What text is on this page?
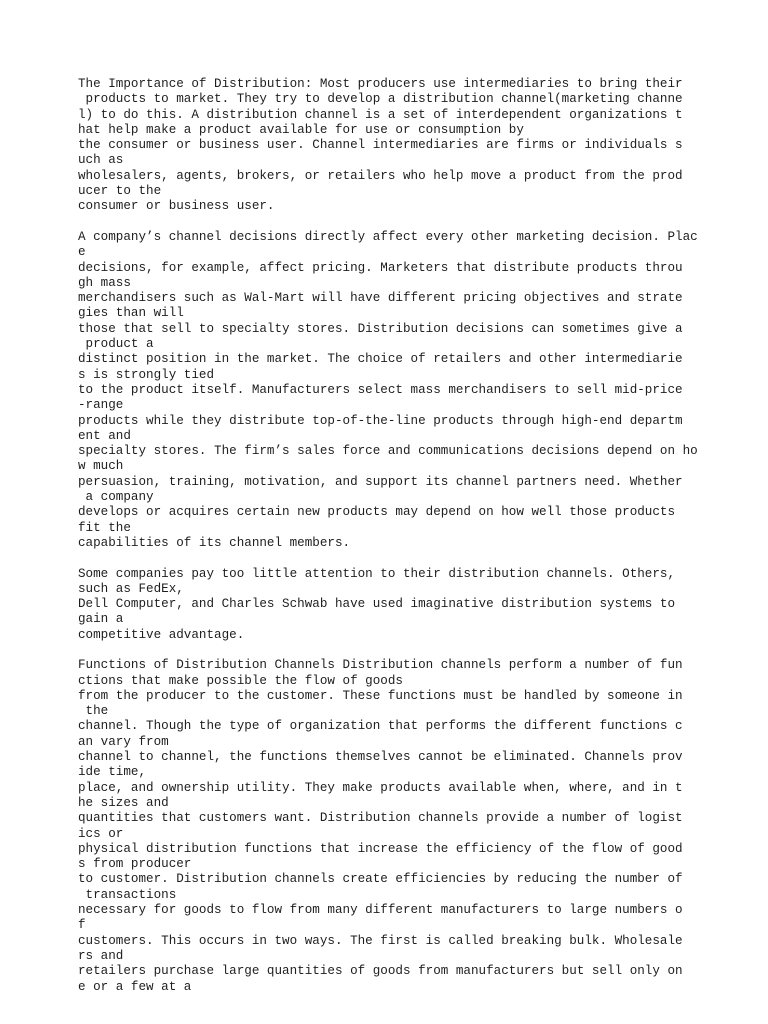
The Importance of Distribution: Most producers use intermediaries to bring their
products to market. They try to develop a distribution channel(marketing channe
l) to do this. A distribution channel is a set of interdependent organizations t
hat help make a product available for use or consumption by
the consumer or business user. Channel intermediaries are firms or individuals s
uch as
wholesalers, agents, brokers, or retailers who help move a product from the prod
ucer to the
consumer or business user.
A company’s channel decisions directly affect every other marketing decision. Plac
e
decisions, for example, affect pricing. Marketers that distribute products throu
gh mass
merchandisers such as Wal-Mart will have different pricing objectives and strate
gies than will
those that sell to specialty stores. Distribution decisions can sometimes give a
product a
distinct position in the market. The choice of retailers and other intermediarie
s is strongly tied
to the product itself. Manufacturers select mass merchandisers to sell mid-price
-range
products while they distribute top-of-the-line products through high-end departm
ent and
specialty stores. The firm’s sales force and communications decisions depend on ho
w much
persuasion, training, motivation, and support its channel partners need. Whether
a company
develops or acquires certain new products may depend on how well those products
fit the
capabilities of its channel members.
Some companies pay too little attention to their distribution channels. Others,
such as FedEx,
Dell Computer, and Charles Schwab have used imaginative distribution systems to
gain a
competitive advantage.
Functions of Distribution Channels Distribution channels perform a number of fun
ctions that make possible the flow of goods
from the producer to the customer. These functions must be handled by someone in
the
channel. Though the type of organization that performs the different functions c
an vary from
channel to channel, the functions themselves cannot be eliminated. Channels prov
ide time,
place, and ownership utility. They make products available when, where, and in t
he sizes and
quantities that customers want. Distribution channels provide a number of logist
ics or
physical distribution functions that increase the efficiency of the flow of good
s from producer
to customer. Distribution channels create efficiencies by reducing the number of
transactions
necessary for goods to flow from many different manufacturers to large numbers o
f
customers. This occurs in two ways. The first is called breaking bulk. Wholesale
rs and
retailers purchase large quantities of goods from manufacturers but sell only on
e or a few at a
